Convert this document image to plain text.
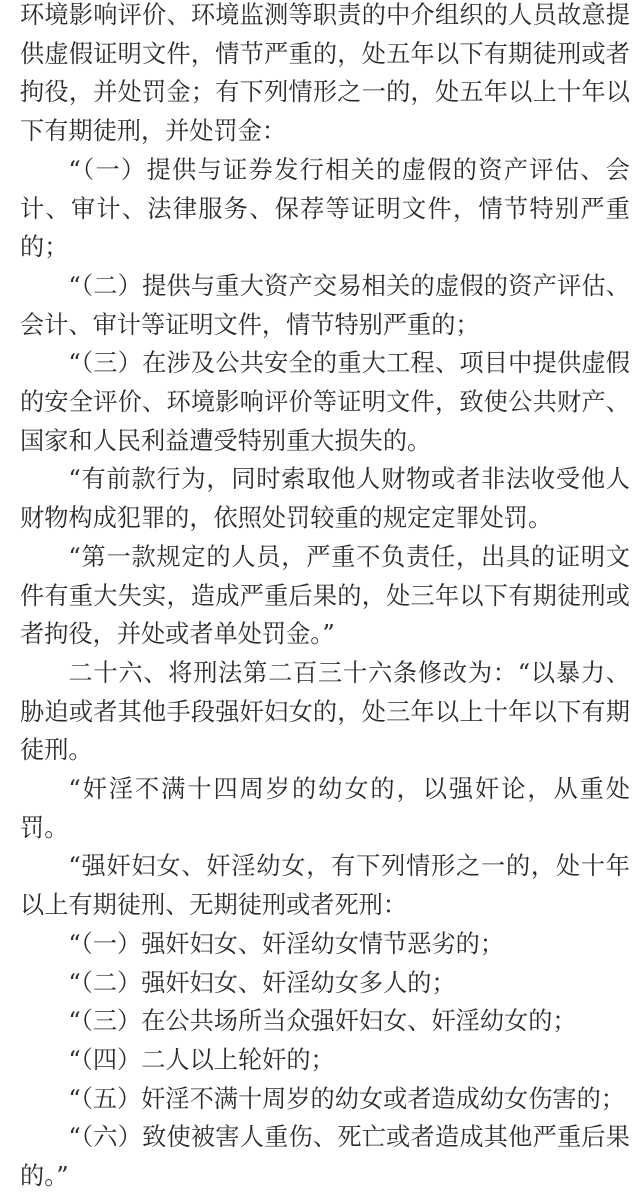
环境影响评价、环境监测等职责的中介组织的人员故意提供虚假证明文件，情节严重的，处五年以下有期徒刑或者拘役，并处罚金；有下列情形之一的，处五年以上十年以下有期徒刑，并处罚金：

“（一）提供与证券发行相关的虚假的资产评估、会计、审计、法律服务、保荐等证明文件，情节特别严重的；

“（二）提供与重大资产交易相关的虚假的资产评估、会计、审计等证明文件，情节特别严重的；

“（三）在涉及公共安全的重大工程、项目中提供虚假的安全评价、环境影响评价等证明文件，致使公共财产、国家和人民利益遭受特别重大损失的。

“有前款行为，同时索取他人财物或者非法收受他人财物构成犯罪的，依照处罚较重的规定定罪处罚。

“第一款规定的人员，严重不负责任，出具的证明文件有重大失实，造成严重后果的，处三年以下有期徒刑或者拘役，并处或者单处罚金。”

二十六、将刑法第二百三十六条修改为：“以暴力、胁迫或者其他手段强奸妇女的，处三年以上十年以下有期徒刑。

“奸淫不满十四周岁的幼女的，以强奸论，从重处罚。

“强奸妇女、奸淫幼女，有下列情形之一的，处十年以上有期徒刑、无期徒刑或者死刑：

“（一）强奸妇女、奸淫幼女情节恶劣的；

“（二）强奸妇女、奸淫幼女多人的；

“（三）在公共场所当众强奸妇女、奸淫幼女的；

“（四）二人以上轮奸的；

“（五）奸淫不满十周岁的幼女或者造成幼女伤害的；

“（六）致使被害人重伤、死亡或者造成其他严重后果的。”
